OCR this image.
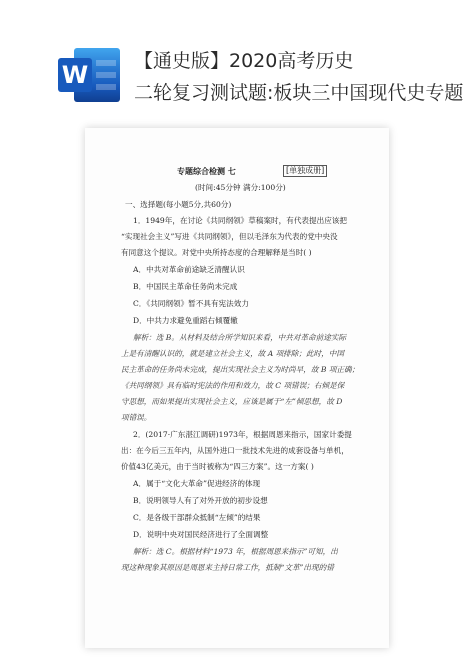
W 【通史版】2020高考历史
二轮复习测试题:板块三中国现代史专题
专题综合检测 七	[单独成册]
(时间:45分钟 满分:100分)
一、选择题(每小题5分,共60分)
1．1949年，在讨论《共同纲领》草稿案时，有代表提出应该把
“实现社会主义”写进《共同纲领》，但以毛泽东为代表的党中央没
有同意这个提议。对党中央所持态度的合理解释是当时( )
A．中共对革命前途缺乏清醒认识
B．中国民主革命任务尚未完成
C．《共同纲领》暂不具有宪法效力
D．中共力求避免重蹈右倾覆辙
解析：选 B。从材料及结合所学知识来看，中共对革命前途实际
上是有清醒认识的，就是建立社会主义，故 A 项排除；此时，中国
民主革命的任务尚未完成，提出实现社会主义为时尚早，故 B 项正确；
《共同纲领》具有临时宪法的作用和效力，故 C 项错误；右倾是保
守思想，而如果提出实现社会主义，应该是属于“左”倾思想，故 D
项错误。
2．(2017·广东湛江调研)1973年，根据周恩来指示，国家计委提
出：在今后三五年内，从国外进口一批技术先进的成套设备与单机，
价值43亿美元，由于当时被称为“四三方案”。这一方案( )
A．属于“文化大革命”促进经济的体现
B．说明领导人有了对外开放的初步设想
C．是各级干部群众抵制“左倾”的结果
D．说明中央对国民经济进行了全面调整
解析：选 C。根据材料“1973 年，根据周恩来指示”可知，出
现这种现象其原因是周恩来主持日常工作，抵制“文革”出现的错
